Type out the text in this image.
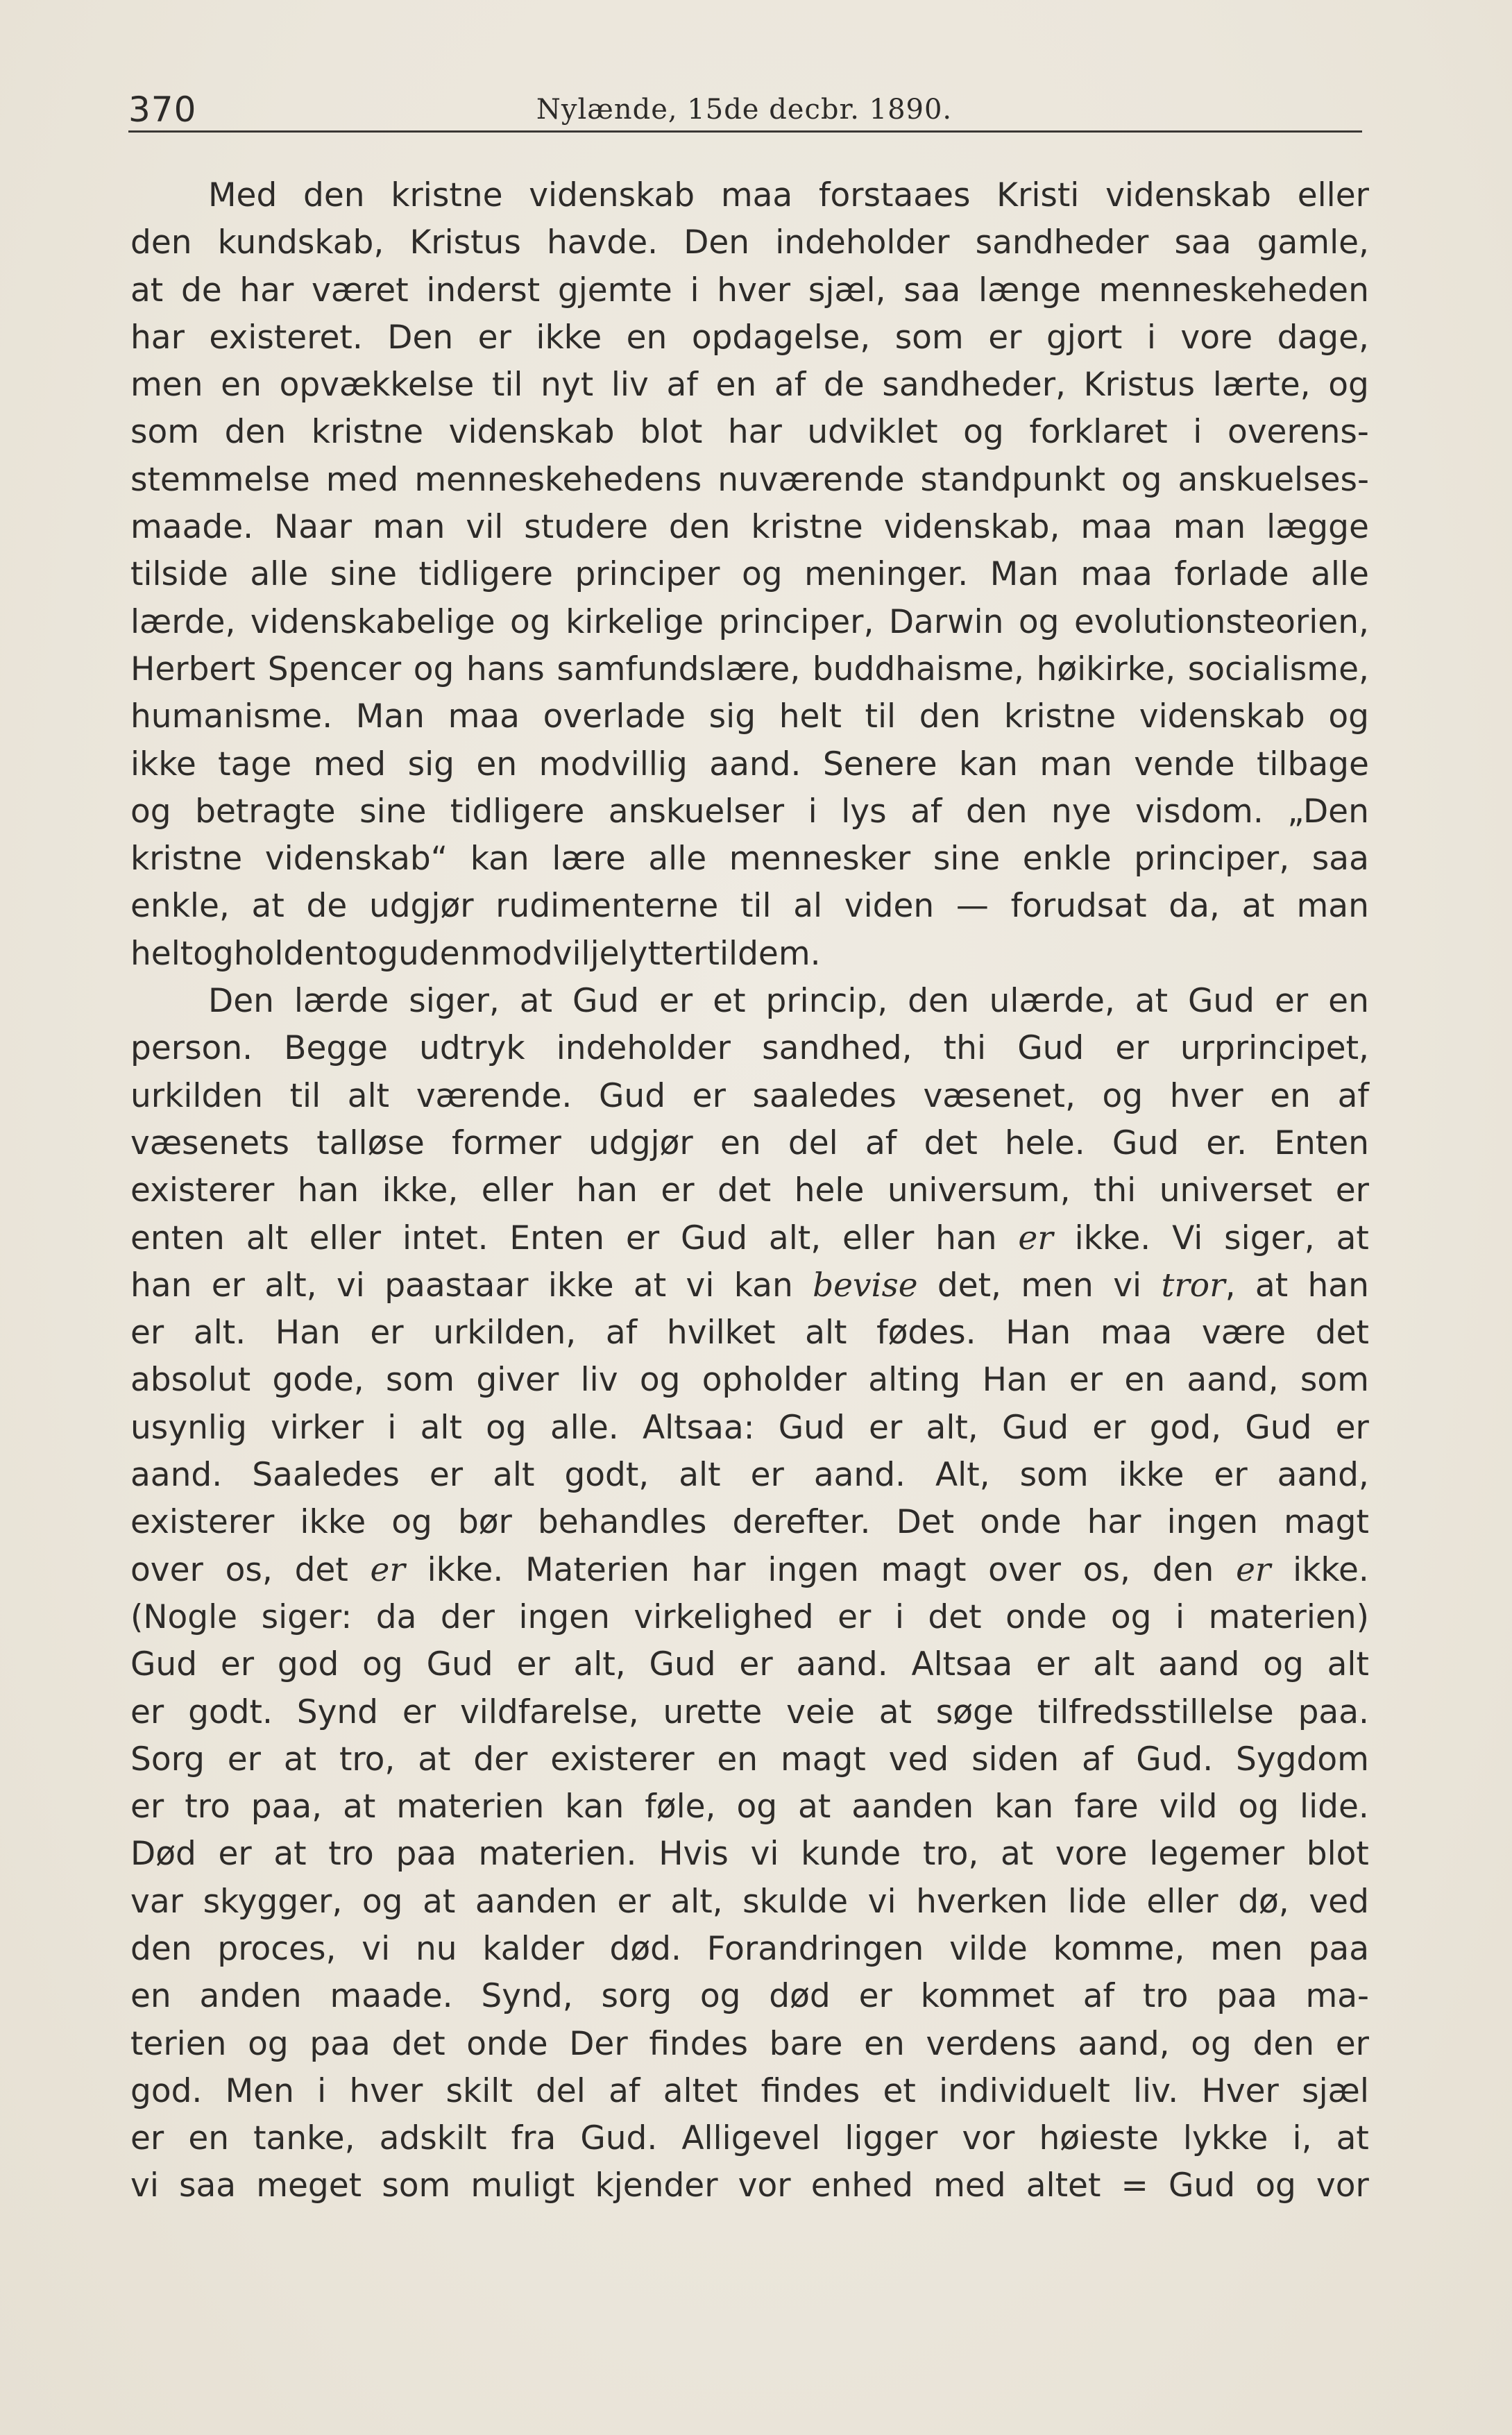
370	Nylænde, 15de decbr. 1890.
Med den kristne videnskab maa forstaaes Kristi videnskab eller
den kundskab, Kristus havde. Den indeholder sandheder saa gamle,
at de har været inderst gjemte i hver sjæl, saa længe menneskeheden
har existeret. Den er ikke en opdagelse, som er gjort i vore dage,
men en opvækkelse til nyt liv af en af de sandheder, Kristus lærte, og
som den kristne videnskab blot har udviklet og forklaret i overens-
stemmelse med menneskehedens nuværende standpunkt og anskuelses-
maade. Naar man vil studere den kristne videnskab, maa man lægge
tilside alle sine tidligere principer og meninger. Man maa forlade alle
lærde, videnskabelige og kirkelige principer, Darwin og evolutionsteorien,
Herbert Spencer og hans samfundslære, buddhaisme, høikirke, socialisme,
humanisme. Man maa overlade sig helt til den kristne videnskab og
ikke tage med sig en modvillig aand. Senere kan man vende tilbage
og betragte sine tidligere anskuelser i lys af den nye visdom. „Den
kristne videnskab“ kan lære alle mennesker sine enkle principer, saa
enkle, at de udgjør rudimenterne til al viden — forudsat da, at man
helt og holdent og uden modvilje lytter til dem.
Den lærde siger, at Gud er et princip, den ulærde, at Gud er en
person. Begge udtryk indeholder sandhed, thi Gud er urprincipet,
urkilden til alt værende. Gud er saaledes væsenet, og hver en af
væsenets talløse former udgjør en del af det hele. Gud er. Enten
existerer han ikke, eller han er det hele universum, thi universet er
enten alt eller intet. Enten er Gud alt, eller han er ikke. Vi siger, at
han er alt, vi paastaar ikke at vi kan bevise det, men vi tror, at han
er alt. Han er urkilden, af hvilket alt fødes. Han maa være det
absolut gode, som giver liv og opholder alting Han er en aand, som
usynlig virker i alt og alle. Altsaa: Gud er alt, Gud er god, Gud er
aand. Saaledes er alt godt, alt er aand. Alt, som ikke er aand,
existerer ikke og bør behandles derefter. Det onde har ingen magt
over os, det er ikke. Materien har ingen magt over os, den er ikke.
(Nogle siger: da der ingen virkelighed er i det onde og i materien)
Gud er god og Gud er alt, Gud er aand. Altsaa er alt aand og alt
er godt. Synd er vildfarelse, urette veie at søge tilfredsstillelse paa.
Sorg er at tro, at der existerer en magt ved siden af Gud. Sygdom
er tro paa, at materien kan føle, og at aanden kan fare vild og lide.
Død er at tro paa materien. Hvis vi kunde tro, at vore legemer blot
var skygger, og at aanden er alt, skulde vi hverken lide eller dø, ved
den proces, vi nu kalder død. Forandringen vilde komme, men paa
en anden maade. Synd, sorg og død er kommet af tro paa ma-
terien og paa det onde Der findes bare en verdens aand, og den er
god. Men i hver skilt del af altet findes et individuelt liv. Hver sjæl
er en tanke, adskilt fra Gud. Alligevel ligger vor høieste lykke i, at
vi saa meget som muligt kjender vor enhed med altet = Gud og vor
